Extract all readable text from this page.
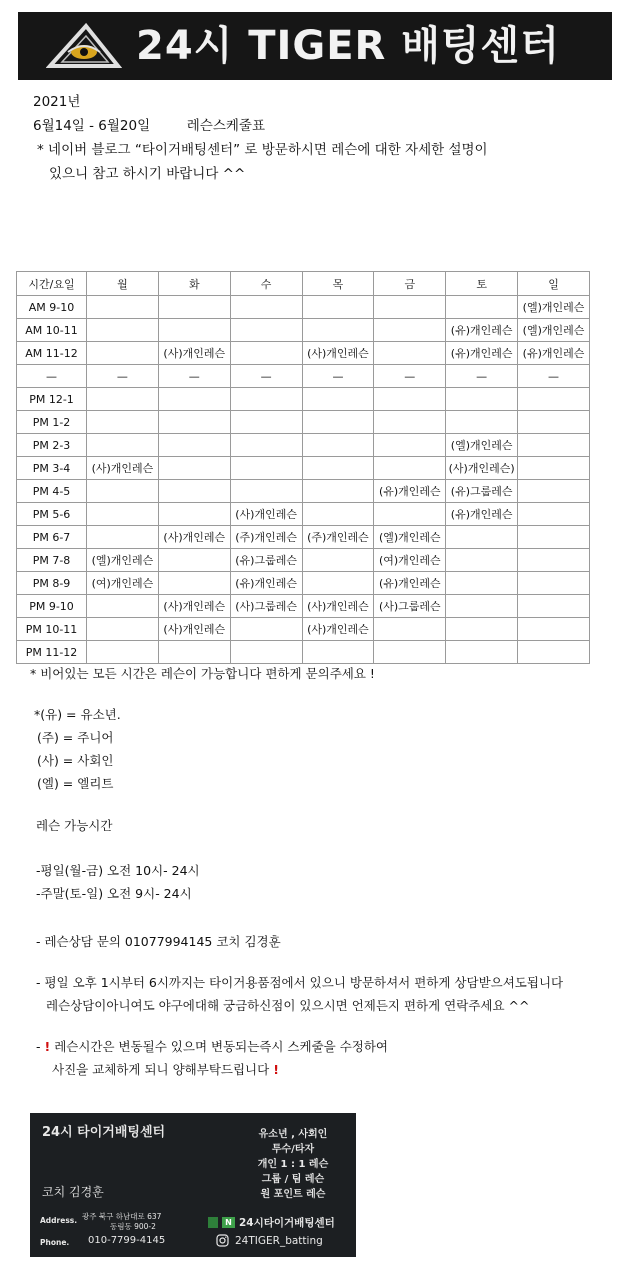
24시 TIGER 배팅센터
2021년
6월14일 - 6월20일	레슨스케줄표
* 네이버 블로그 “타이거배팅센터” 로 방문하시면 레슨에 대한 자세한 설명이
있으니 참고 하시기 바랍니다 ^^
시간/요일	월	화	수	목	금	토	일
AM 9-10							(엘)개인레슨
AM 10-11						(유)개인레슨	(엘)개인레슨
AM 11-12		(사)개인레슨		(사)개인레슨		(유)개인레슨	(유)개인레슨
—	—	—	—	—	—	—	—
PM 12-1							
PM 1-2							
PM 2-3						(엘)개인레슨	
PM 3-4	(사)개인레슨					(사)개인레슨)	
PM 4-5					(유)개인레슨	(유)그룹레슨	
PM 5-6			(사)개인레슨			(유)개인레슨	
PM 6-7		(사)개인레슨	(주)개인레슨	(주)개인레슨	(엘)개인레슨		
PM 7-8	(엘)개인레슨		(유)그룹레슨		(여)개인레슨		
PM 8-9	(여)개인레슨		(유)개인레슨		(유)개인레슨		
PM 9-10		(사)개인레슨	(사)그룹레슨	(사)개인레슨	(사)그룹레슨		
PM 10-11		(사)개인레슨		(사)개인레슨			
PM 11-12							
* 비어있는 모든 시간은 레슨이 가능합니다 편하게 문의주세요 !
*(유) = 유소년.
(주) = 주니어
(사) = 사회인
(엘) = 엘리트
레슨 가능시간
-평일(월-금) 오전 10시- 24시
-주말(토-일) 오전 9시- 24시
- 레슨상담 문의 01077994145 코치 김경훈
- 평일 오후 1시부터 6시까지는 타이거용품점에서 있으니 방문하셔서 편하게 상담받으셔도됩니다
레슨상담이아니여도 야구에대해 궁금하신점이 있으시면 언제든지 편하게 연락주세요 ^^
- ! 레슨시간은 변동될수 있으며 변동되는즉시 스케줄을 수정하여
사진을 교체하게 되니 양해부탁드립니다 !
24시 타이거배팅센터	유소년 , 사회인
투수/타자
개인 1 : 1 레슨
그룹 / 팀 레슨
원 포인트 레슨
코치 김경훈
Address. 광주 북구 하남대로 637
동림동 900-2
Phone. 010-7799-4145
N 24시타이거배팅센터
24TIGER_batting
